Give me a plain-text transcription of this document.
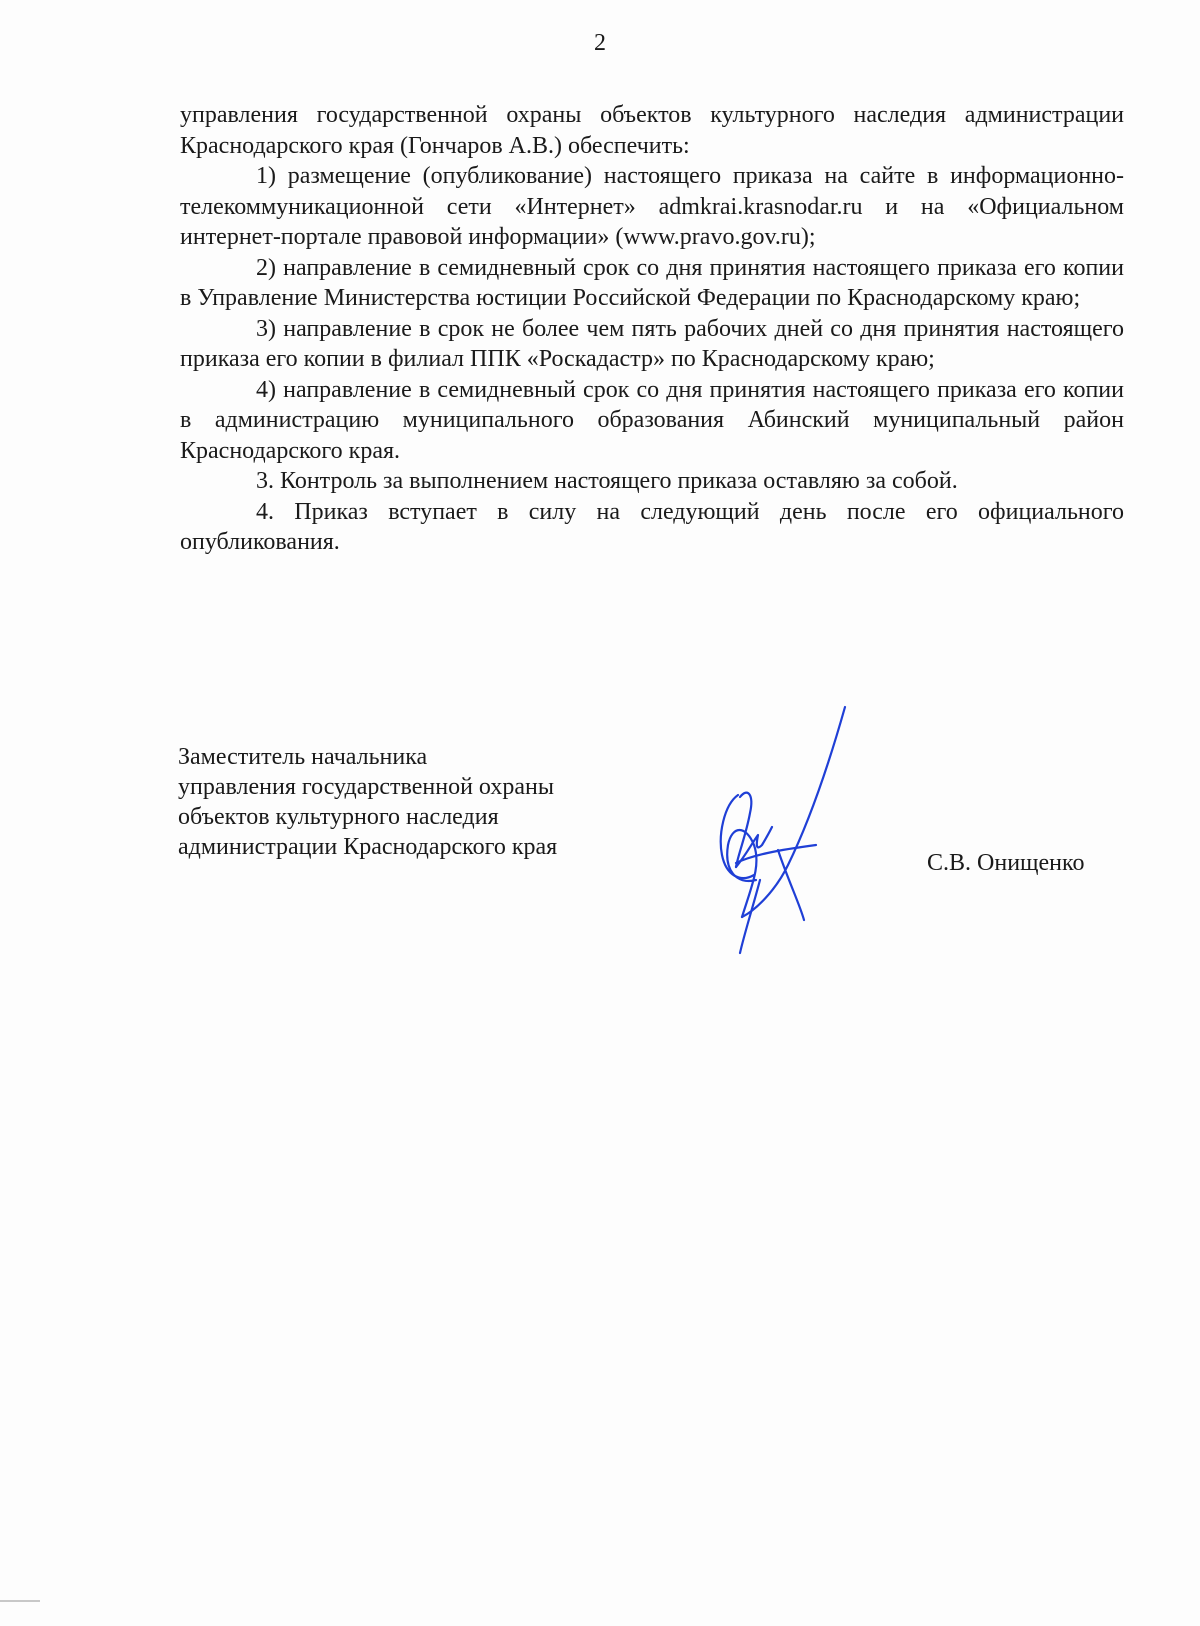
2

управления государственной охраны объектов культурного наследия администрации Краснодарского края (Гончаров А.В.) обеспечить:

1) размещение (опубликование) настоящего приказа на сайте в информационно-телекоммуникационной сети «Интернет» admkrai.krasnodar.ru и на «Официальном интернет-портале правовой информации» (www.pravo.gov.ru);

2) направление в семидневный срок со дня принятия настоящего приказа его копии в Управление Министерства юстиции Российской Федерации по Краснодарскому краю;

3) направление в срок не более чем пять рабочих дней со дня принятия настоящего приказа его копии в филиал ППК «Роскадастр» по Краснодарскому краю;

4) направление в семидневный срок со дня принятия настоящего приказа его копии в администрацию муниципального образования Абинский муниципальный район Краснодарского края.

3. Контроль за выполнением настоящего приказа оставляю за собой.

4. Приказ вступает в силу на следующий день после его официального опубликования.

Заместитель начальника
управления государственной охраны
объектов культурного наследия
администрации Краснодарского края
С.В. Онищенко
